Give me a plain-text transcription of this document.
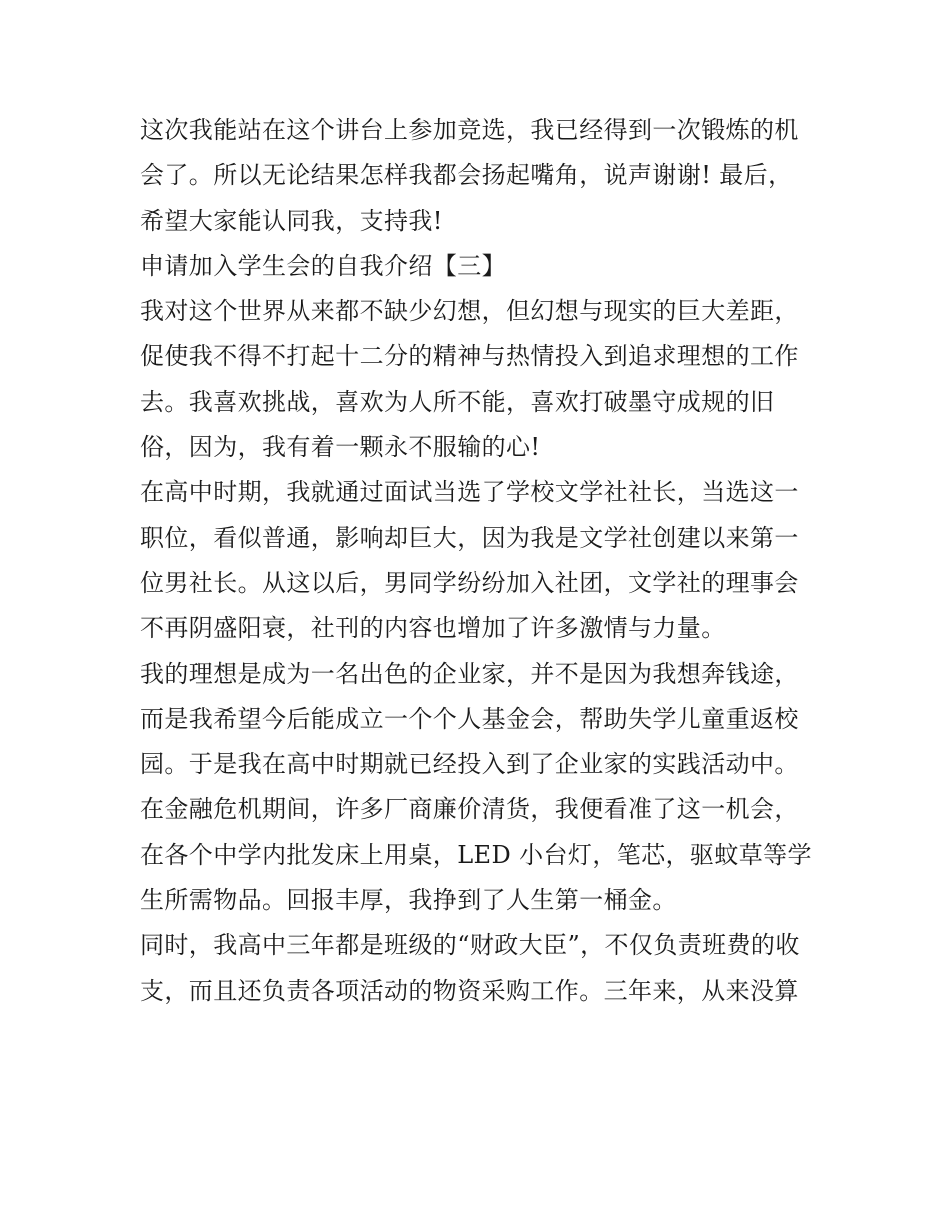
这次我能站在这个讲台上参加竞选，我已经得到一次锻炼的机
会了。所以无论结果怎样我都会扬起嘴角，说声谢谢! 最后，
希望大家能认同我，支持我!
申请加入学生会的自我介绍【三】
我对这个世界从来都不缺少幻想，但幻想与现实的巨大差距，
促使我不得不打起十二分的精神与热情投入到追求理想的工作
去。我喜欢挑战，喜欢为人所不能，喜欢打破墨守成规的旧
俗，因为，我有着一颗永不服输的心!
在高中时期，我就通过面试当选了学校文学社社长，当选这一
职位，看似普通，影响却巨大，因为我是文学社创建以来第一
位男社长。从这以后，男同学纷纷加入社团，文学社的理事会
不再阴盛阳衰，社刊的内容也增加了许多激情与力量。
我的理想是成为一名出色的企业家，并不是因为我想奔钱途，
而是我希望今后能成立一个个人基金会，帮助失学儿童重返校
园。于是我在高中时期就已经投入到了企业家的实践活动中。
在金融危机期间，许多厂商廉价清货，我便看准了这一机会，
在各个中学内批发床上用桌，LED 小台灯，笔芯，驱蚊草等学
生所需物品。回报丰厚，我挣到了人生第一桶金。
同时，我高中三年都是班级的“财政大臣”，不仅负责班费的收
支，而且还负责各项活动的物资采购工作。三年来，从来没算
